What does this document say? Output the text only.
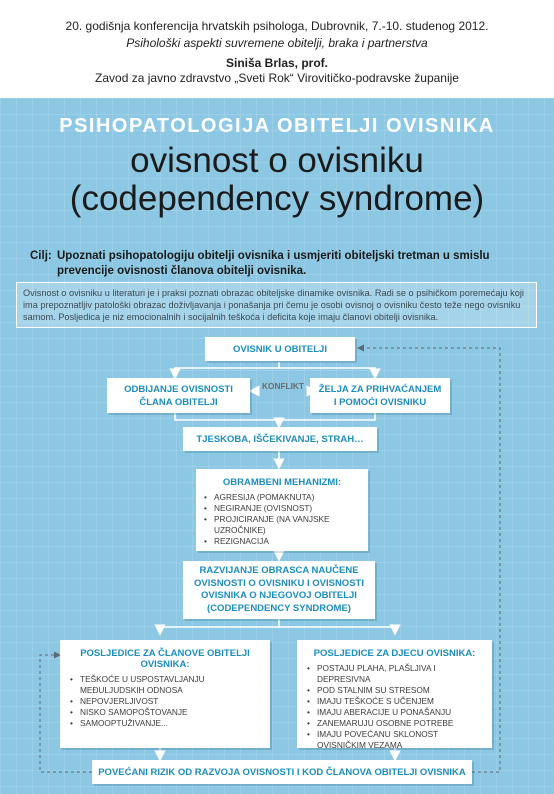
20. godišnja konferencija hrvatskih psihologa, Dubrovnik, 7.-10. studenog 2012.
Psihološki aspekti suvremene obitelji, braka i partnerstva
Siniša Brlas, prof.
Zavod za javno zdravstvo „Sveti Rok“ Virovitičko-podravske županije
PSIHOPATOLOGIJA OBITELJI OVISNIKA
ovisnost o ovisniku
(codependency syndrome)
Cilj: Upoznati psihopatologiju obitelji ovisnika i usmjeriti obiteljski tretman u smislu prevencije ovisnosti članova obitelji ovisnika.
Ovisnost o ovisniku u literaturi je i praksi poznati obrazac obiteljske dinamike ovisnika. Radi se o psihičkom poremećaju koji ima prepoznatljiv patološki obrazac doživljavanja i ponašanja pri čemu je osobi ovisnoj o ovisniku često teže nego ovisniku samom. Posljedica je niz emocionalnih i socijalnih teškoća i deficita koje imaju članovi obitelji ovisnika.
OVISNIK U OBITELJI
ODBIJANJE OVISNOSTI
ČLANA OBITELJI
KONFLIKT	ŽELJA ZA PRIHVAĆANJEM
I POMOĆI OVISNIKU
TJESKOBA, IŠČEKIVANJE, STRAH…
OBRAMBENI MEHANIZMI:
• AGRESIJA (POMAKNUTA)
• NEGIRANJE (OVISNOST)
• PROJICIRANJE (NA VANJSKE UZROČNIKE)
• REZIGNACIJA
RAZVIJANJE OBRASCA NAUČENE
OVISNOSTI O OVISNIKU I OVISNOSTI
OVISNIKA O NJEGOVOJ OBITELJI
(CODEPENDENCY SYNDROME)
POSLJEDICE ZA ČLANOVE OBITELJI OVISNIKA:
• TEŠKOĆE U USPOSTAVLJANJU MEĐULJUDSKIH ODNOSA
• NEPOVJERLJIVOST
• NISKO SAMOPOŠTOVANJE
• SAMOOPTUŽIVANJE...
POSLJEDICE ZA DJECU OVISNIKA:
• POSTAJU PLAHA, PLAŠLJIVA I DEPRESIVNA
• POD STALNIM SU STRESOM
• IMAJU TEŠKOĆE S UČENJEM
• IMAJU ABERACIJE U PONAŠANJU
• ZANEMARUJU OSOBNE POTREBE
• IMAJU POVEĆANU SKLONOST OVISNIČKIM VEZAMA
POVEĆANI RIZIK OD RAZVOJA OVISNOSTI I KOD ČLANOVA OBITELJI OVISNIKA
